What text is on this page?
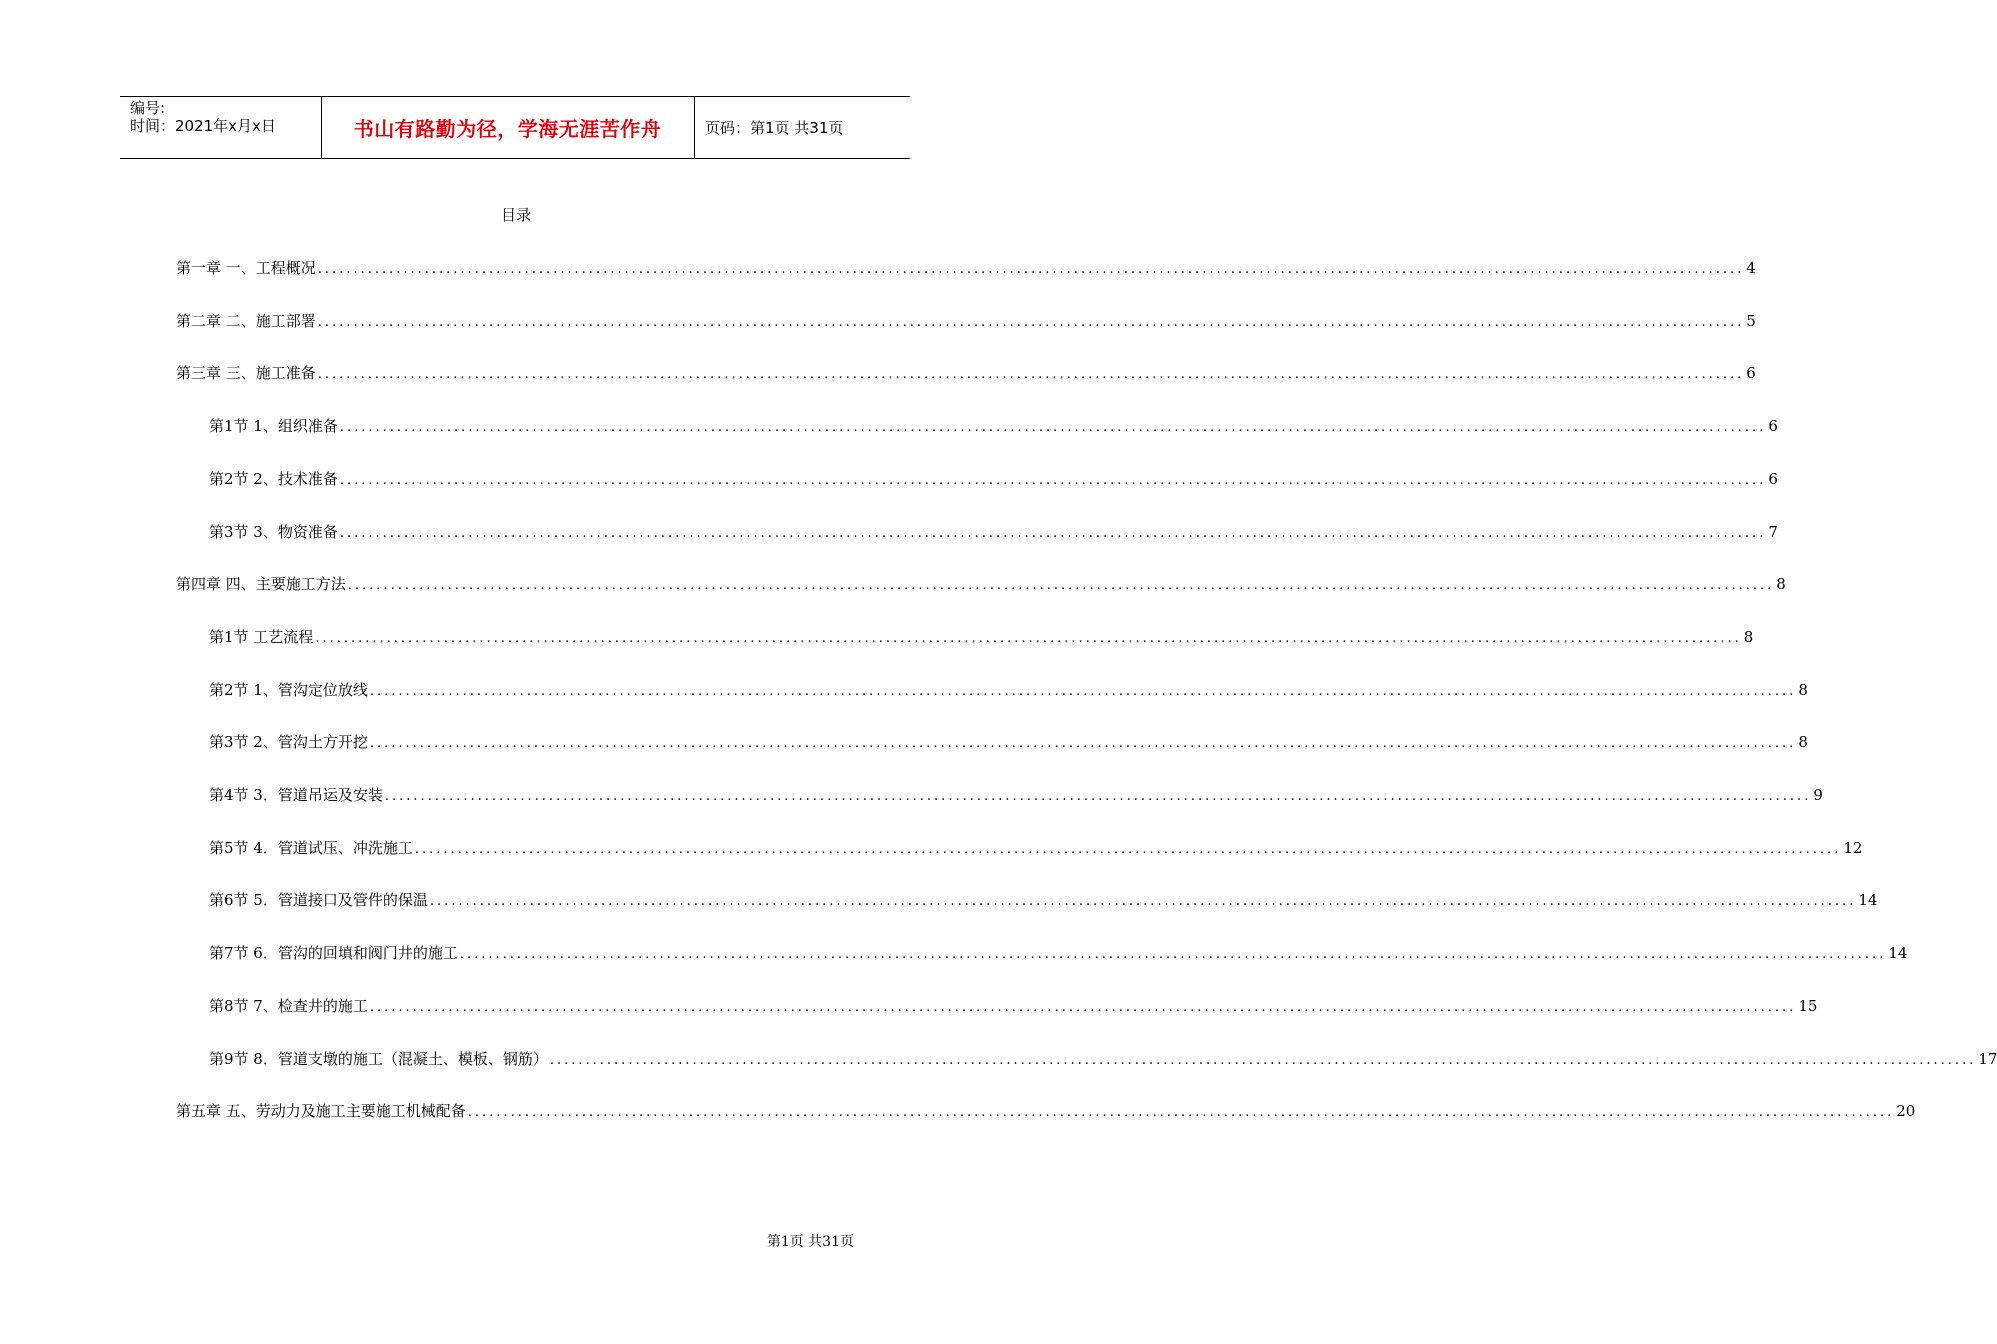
编号:
时间：2021年x月x日	书山有路勤为径，学海无涯苦作舟	页码：第1页 共31页
目录
第一章 一、工程概况 ........................................................................................................................................................................................................ 4
第二章 二、施工部署 ........................................................................................................................................................................................................ 5
第三章 三、施工准备 ........................................................................................................................................................................................................ 6
第1节 1、组织准备 ........................................................................................................................................................................................................ 6
第2节 2、技术准备 ........................................................................................................................................................................................................ 6
第3节 3、物资准备 ........................................................................................................................................................................................................ 7
第四章 四、主要施工方法 ........................................................................................................................................................................................................ 8
第1节 工艺流程 ........................................................................................................................................................................................................ 8
第2节 1、管沟定位放线 ........................................................................................................................................................................................................ 8
第3节 2、管沟土方开挖 ........................................................................................................................................................................................................ 8
第4节 3．管道吊运及安装 ........................................................................................................................................................................................................ 9
第5节 4．管道试压、冲洗施工 ........................................................................................................................................................................................................ 12
第6节 5．管道接口及管件的保温 ........................................................................................................................................................................................................ 14
第7节 6．管沟的回填和阀门井的施工 ........................................................................................................................................................................................................ 14
第8节 7、检查井的施工 ........................................................................................................................................................................................................ 15
第9节 8．管道支墩的施工（混凝土、模板、钢筋） ........................................................................................................................................................................................................ 17
第五章 五、劳动力及施工主要施工机械配备 ........................................................................................................................................................................................................ 20
第1页 共31页
